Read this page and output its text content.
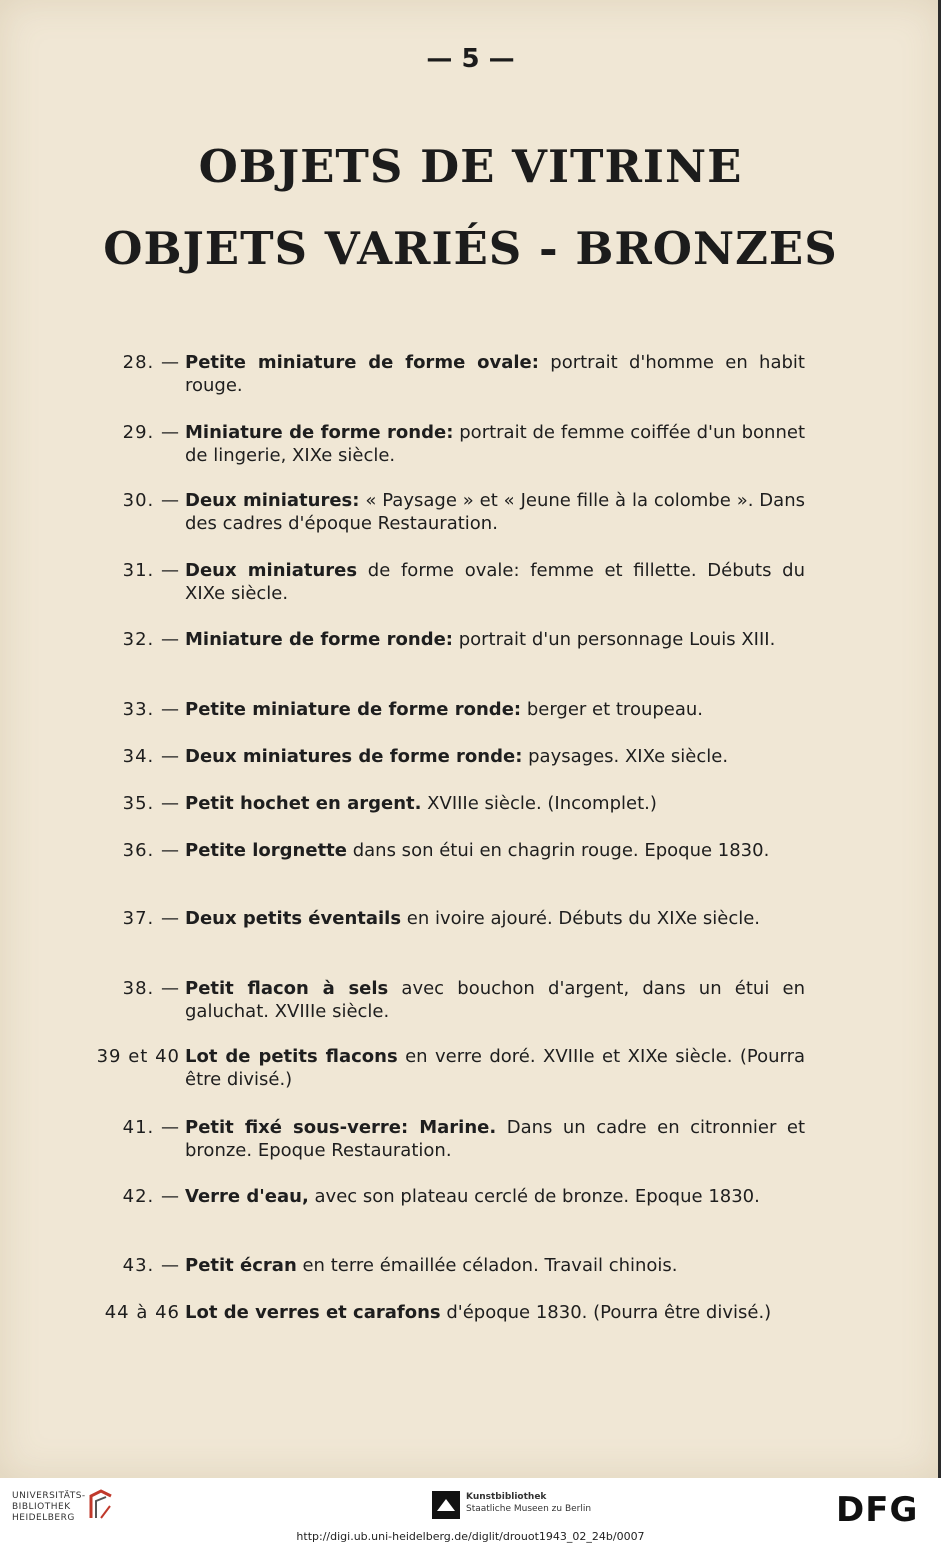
— 5 —
OBJETS DE VITRINE
OBJETS VARIÉS - BRONZES
28. — Petite miniature de forme ovale: portrait d'homme en habit rouge.
29. — Miniature de forme ronde: portrait de femme coiffée d'un bonnet de lingerie, XIXe siècle.
30. — Deux miniatures: « Paysage » et « Jeune fille à la colombe ». Dans des cadres d'époque Restauration.
31. — Deux miniatures de forme ovale: femme et fillette. Débuts du XIXe siècle.
32. — Miniature de forme ronde: portrait d'un personnage Louis XIII.
33. — Petite miniature de forme ronde: berger et troupeau.
34. — Deux miniatures de forme ronde: paysages. XIXe siècle.
35. — Petit hochet en argent. XVIIIe siècle. (Incomplet.)
36. — Petite lorgnette dans son étui en chagrin rouge. Epoque 1830.
37. — Deux petits éventails en ivoire ajouré. Débuts du XIXe siècle.
38. — Petit flacon à sels avec bouchon d'argent, dans un étui en galuchat. XVIIIe siècle.
39 et 40 Lot de petits flacons en verre doré. XVIIIe et XIXe siècle. (Pourra être divisé.)
41. — Petit fixé sous-verre: Marine. Dans un cadre en citronnier et bronze. Epoque Restauration.
42. — Verre d'eau, avec son plateau cerclé de bronze. Epoque 1830.
43. — Petit écran en terre émaillée céladon. Travail chinois.
44 à 46 Lot de verres et carafons d'époque 1830. (Pourra être divisé.)
UNIVERSITÄTS-
BIBLIOTHEK
HEIDELBERG
Kunstbibliothek
Staatliche Museen zu Berlin	DFG
http://digi.ub.uni-heidelberg.de/diglit/drouot1943_02_24b/0007
